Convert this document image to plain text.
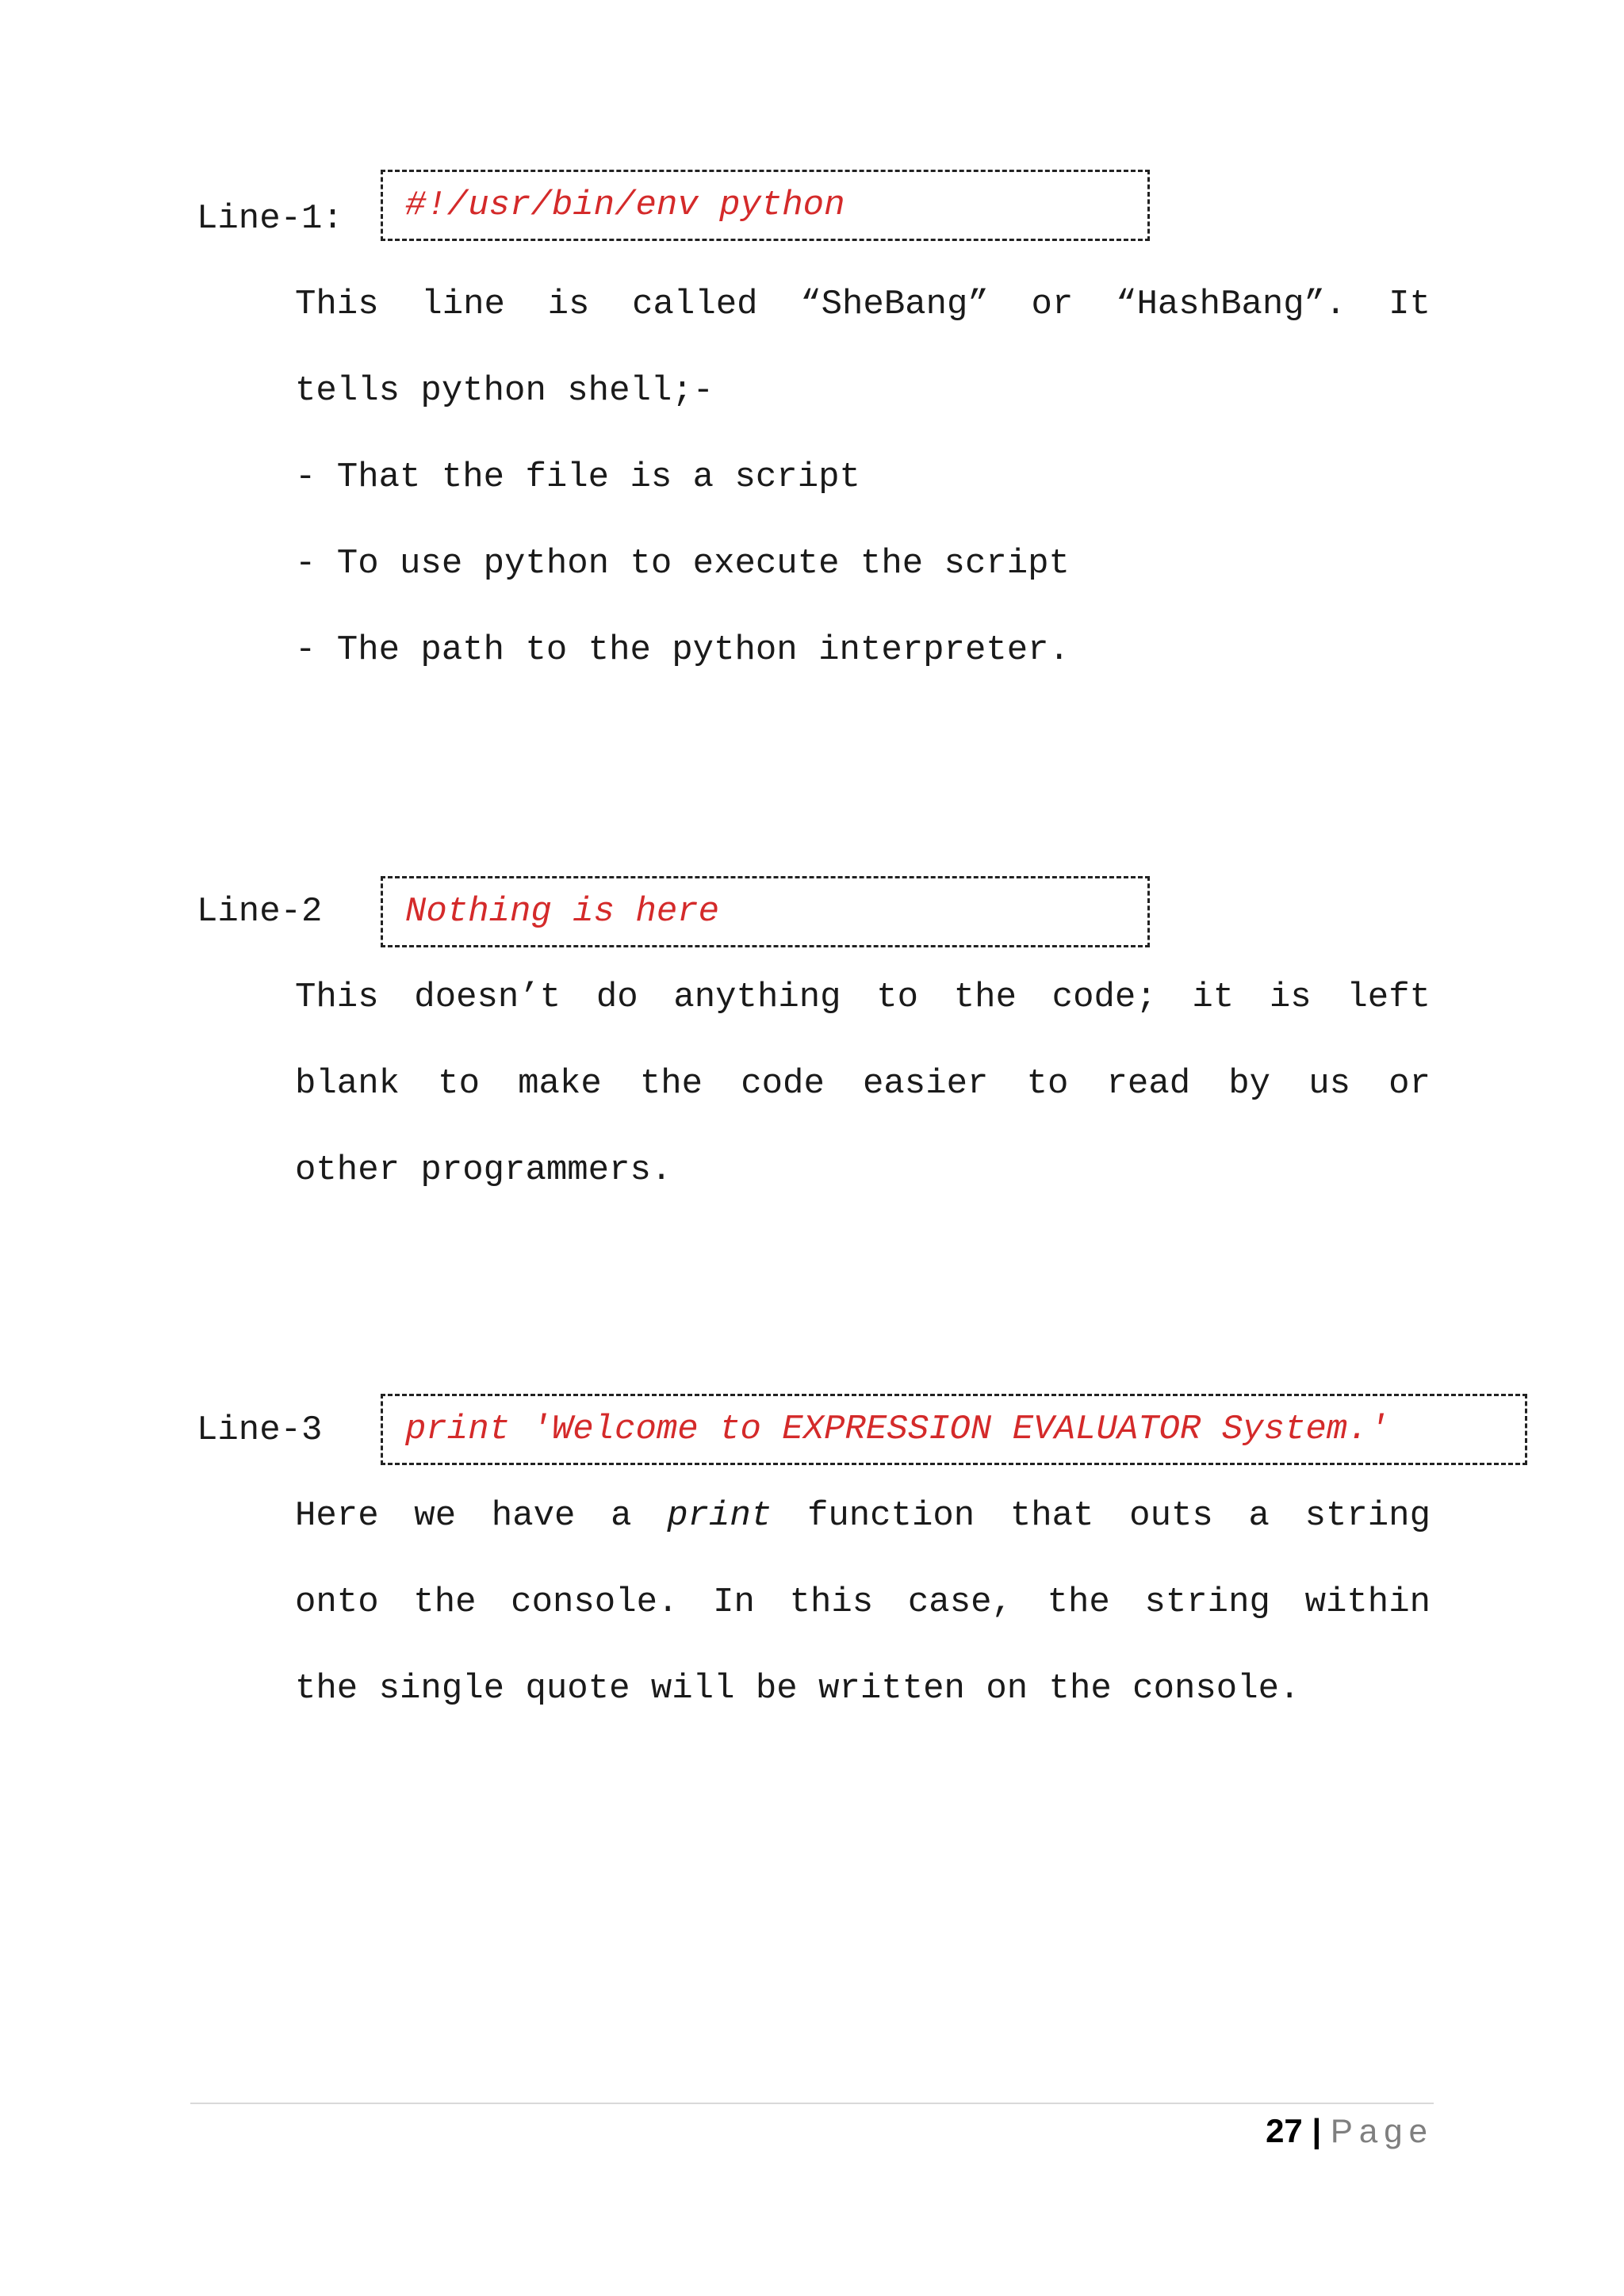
Line-1: #!/usr/bin/env python
This line is called “SheBang” or “HashBang”. It
tells python shell;-
- That the file is a script
- To use python to execute the script
- The path to the python interpreter.
Line-2 Nothing is here
This doesn’t do anything to the code; it is left
blank to make the code easier to read by us or
other programmers.
Line-3 print 'Welcome to EXPRESSION EVALUATOR System.'
Here we have a print function that outs a string
onto the console. In this case, the string within
the single quote will be written on the console.
27 | Page
